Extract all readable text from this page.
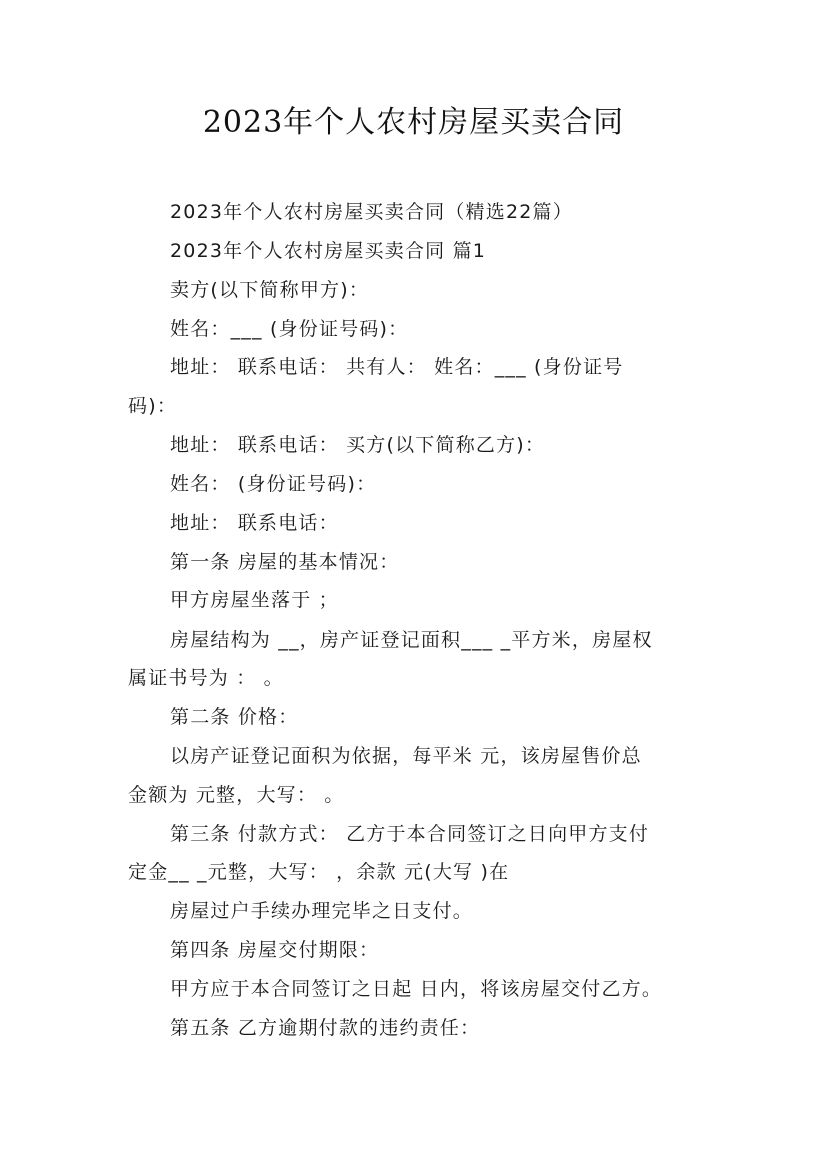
2023年个人农村房屋买卖合同
2023年个人农村房屋买卖合同（精选22篇）
2023年个人农村房屋买卖合同 篇1
卖方(以下简称甲方)：
姓名：___ (身份证号码)：
地址： 联系电话： 共有人： 姓名：___ (身份证号
码)：
地址： 联系电话： 买方(以下简称乙方)：
姓名： (身份证号码)：
地址： 联系电话：
第一条 房屋的基本情况：
甲方房屋坐落于 ；
房屋结构为 __，房产证登记面积___ _平方米，房屋权
属证书号为 ： 。
第二条 价格：
以房产证登记面积为依据，每平米 元，该房屋售价总
金额为 元整，大写： 。
第三条 付款方式： 乙方于本合同签订之日向甲方支付
定金__ _元整，大写： ，余款 元(大写 )在
房屋过户手续办理完毕之日支付。
第四条 房屋交付期限：
甲方应于本合同签订之日起 日内，将该房屋交付乙方。
第五条 乙方逾期付款的违约责任：
